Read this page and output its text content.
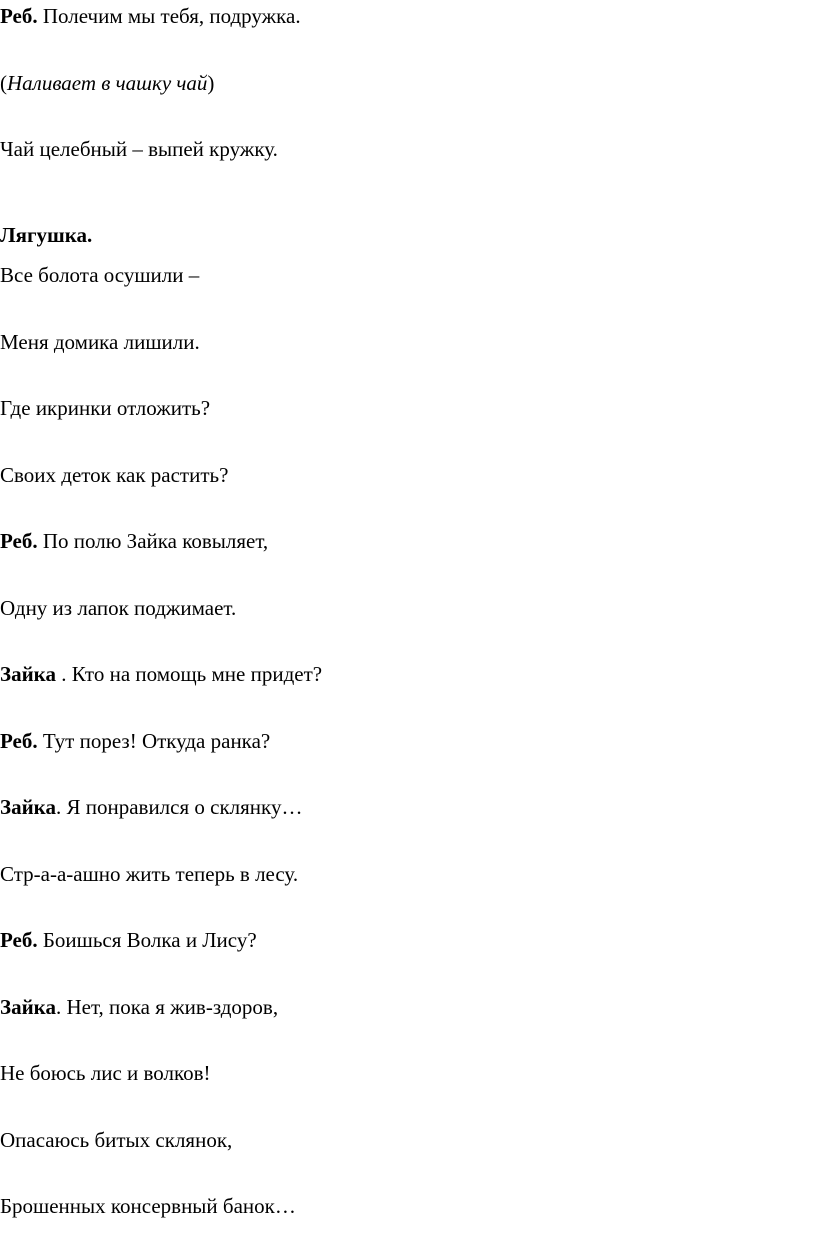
Реб. Полечим мы тебя, подружка.
(Наливает в чашку чай)
Чай целебный – выпей кружку.
Лягушка.
Все болота осушили –
Меня домика лишили.
Где икринки отложить?
Своих деток как растить?
Реб. По полю Зайка ковыляет,
Одну из лапок поджимает.
Зайка . Кто на помощь мне придет?
Реб. Тут порез! Откуда ранка?
Зайка. Я понравился о склянку…
Стр-а-а-ашно жить теперь в лесу.
Реб. Боишься Волка и Лису?
Зайка. Нет, пока я жив-здоров,
Не боюсь лис и волков!
Опасаюсь битых склянок,
Брошенных консервный банок…
